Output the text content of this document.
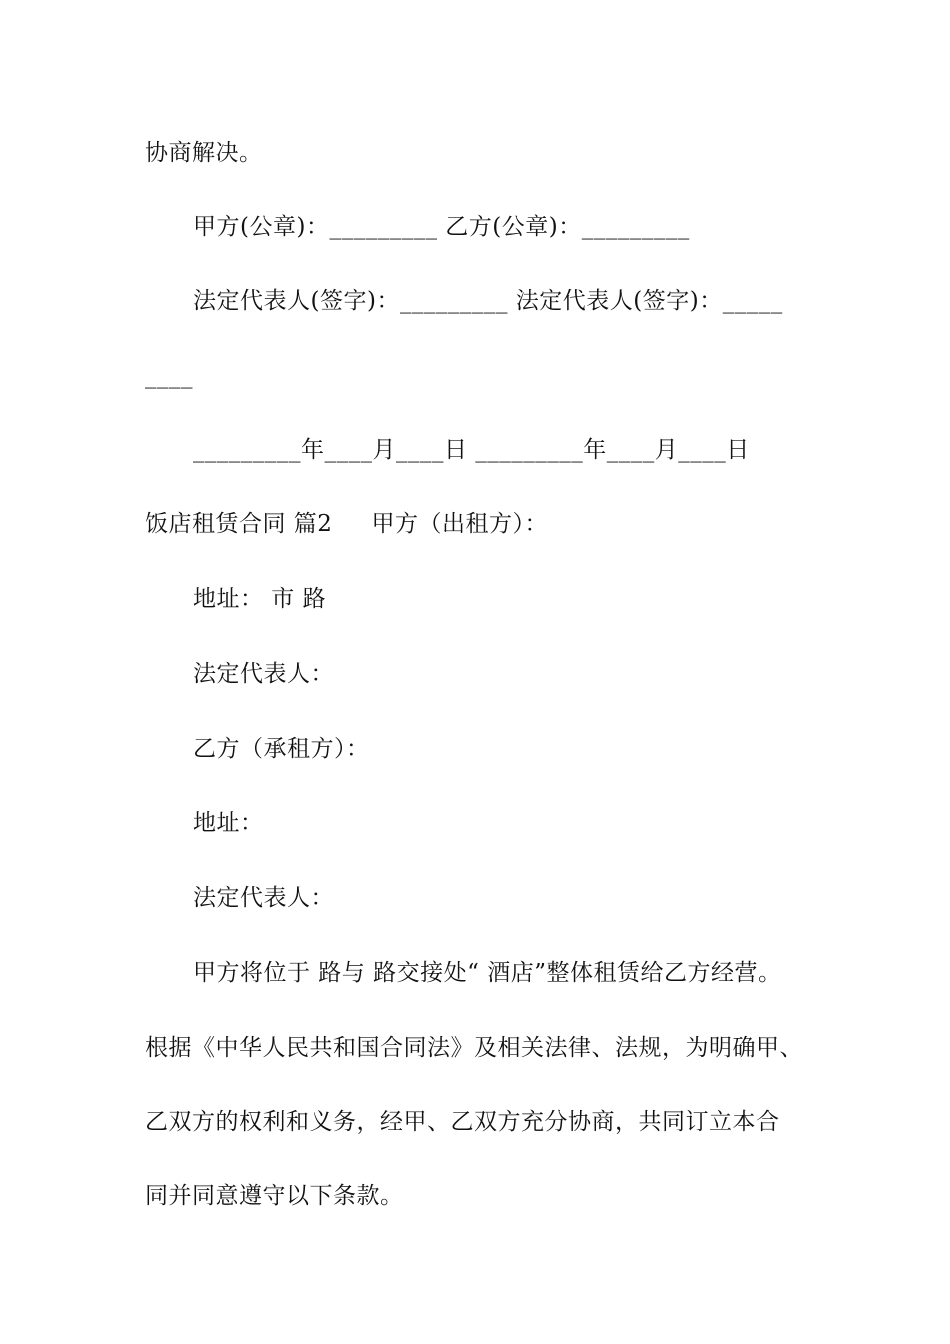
协商解决。
甲方(公章)：_________ 乙方(公章)：_________
法定代表人(签字)：_________ 法定代表人(签字)：_____
____
_________年____月____日 _________年____月____日
饭店租赁合同 篇2     甲方（出租方）：
地址： 市 路
法定代表人：
乙方（承租方）：
地址：
法定代表人：
甲方将位于 路与 路交接处“ 酒店”整体租赁给乙方经营。
根据《中华人民共和国合同法》及相关法律、法规，为明确甲、
乙双方的权利和义务，经甲、乙双方充分协商，共同订立本合
同并同意遵守以下条款。
